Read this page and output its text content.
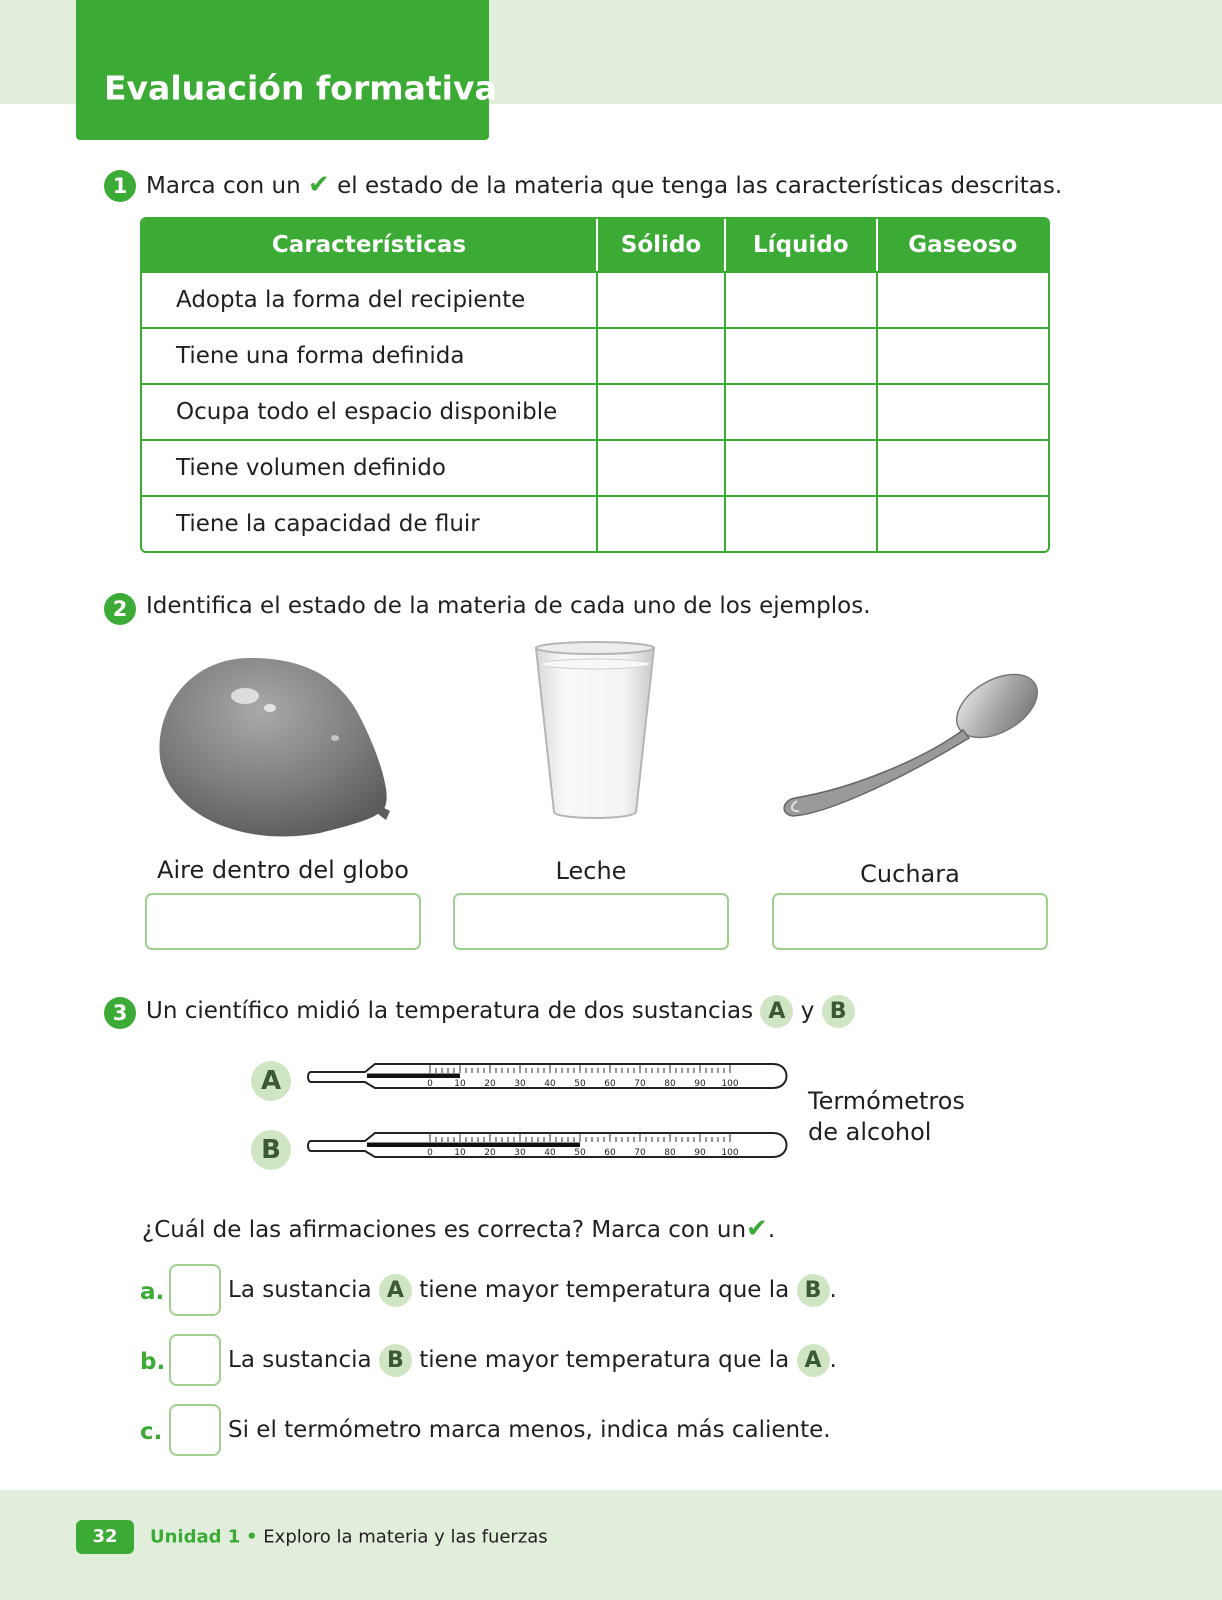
Evaluación formativa
1 Marca con un ✔ el estado de la materia que tenga las características descritas.
Características	Sólido	Líquido	Gaseoso
Adopta la forma del recipiente			
Tiene una forma definida			
Ocupa todo el espacio disponible			
Tiene volumen definido			
Tiene la capacidad de fluir			
2 Identifica el estado de la materia de cada uno de los ejemplos.
Aire dentro del globo	Leche	Cuchara
3 Un científico midió la temperatura de dos sustancias A y B
A
B
0 10 20 30 40 50 60 70 80 90 100
0 10 20 30 40 50 60 70 80 90 100
Termómetros
de alcohol
¿Cuál de las afirmaciones es correcta? Marca con un✔.
a.	La sustancia A tiene mayor temperatura que la B .
b.	La sustancia B tiene mayor temperatura que la A .
c.	Si el termómetro marca menos, indica más caliente.
32	Unidad 1 • Exploro la materia y las fuerzas
